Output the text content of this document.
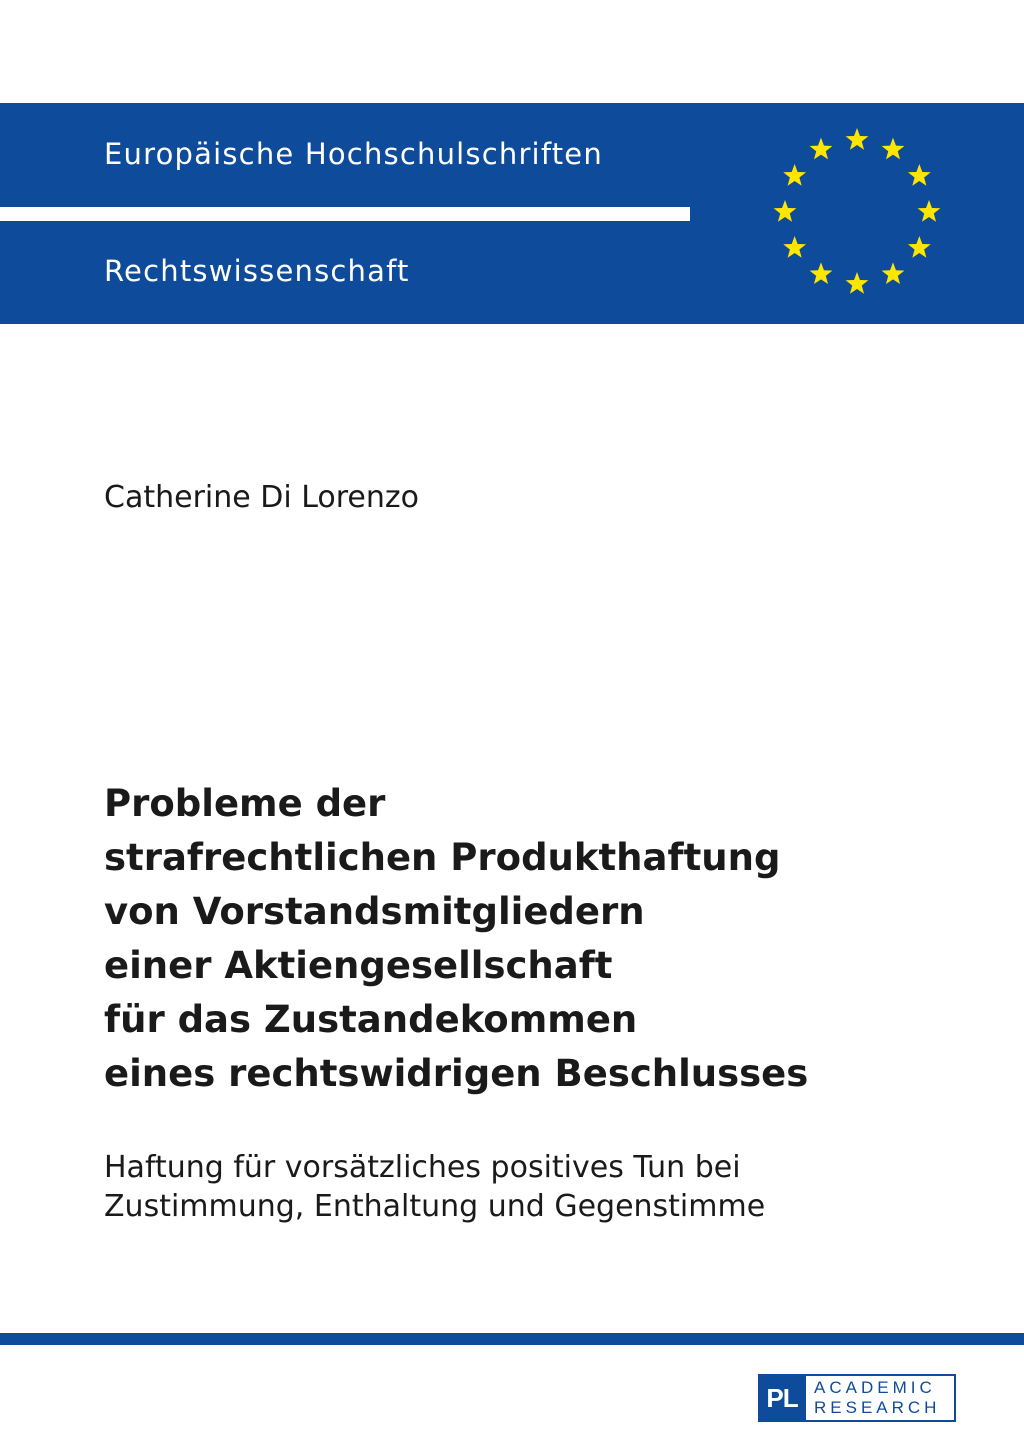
Europäische Hochschulschriften
Rechtswissenschaft
Catherine Di Lorenzo
Probleme der
strafrechtlichen Produkthaftung
von Vorstandsmitgliedern
einer Aktiengesellschaft
für das Zustandekommen
eines rechtswidrigen Beschlusses
Haftung für vorsätzliches positives Tun bei
Zustimmung, Enthaltung und Gegenstimme
PL ACADEMIC
RESEARCH
